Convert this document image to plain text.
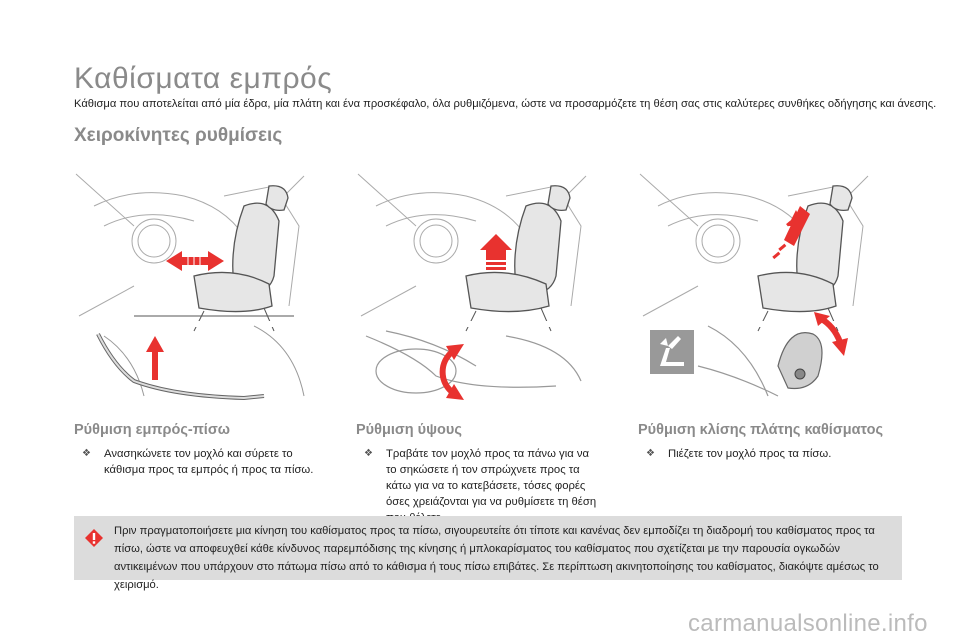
Καθίσματα εμπρός

Κάθισμα που αποτελείται από μία έδρα, μία πλάτη και ένα προσκέφαλο, όλα ρυθμιζόμενα, ώστε να προσαρμόζετε τη θέση σας στις καλύτερες συνθήκες οδήγησης και άνεσης.

Χειροκίνητες ρυθμίσεις
Ρύθμιση εμπρός-πίσω
❖	Ανασηκώνετε τον μοχλό και σύρετε το κάθισμα προς τα εμπρός ή προς τα πίσω.
Ρύθμιση ύψους
❖	Τραβάτε τον μοχλό προς τα πάνω για να το σηκώσετε ή τον σπρώχνετε προς τα κάτω για να το κατεβάσετε, τόσες φορές όσες χρειάζονται για να ρυθμίσετε τη θέση
Ρύθμιση κλίσης πλάτης καθίσματος
❖	Πιέζετε τον μοχλό προς τα πίσω.
Πριν πραγματοποιήσετε μια κίνηση του καθίσματος προς τα πίσω, σιγουρευτείτε ότι τίποτε και κανένας δεν εμποδίζει τη διαδρομή του καθίσματος προς τα πίσω, ώστε να αποφευχθεί κάθε κίνδυνος παρεμπόδισης της κίνησης ή μπλοκαρίσματος του καθίσματος που σχετίζεται με την παρουσία ογκωδών αντικειμένων που υπάρχουν στο πάτωμα πίσω από το κάθισμα ή τους πίσω επιβάτες. Σε περίπτωση ακινητοποίησης του καθίσματος, διακόψτε αμέσως το χειρισμό.
carmanualsonline.info
